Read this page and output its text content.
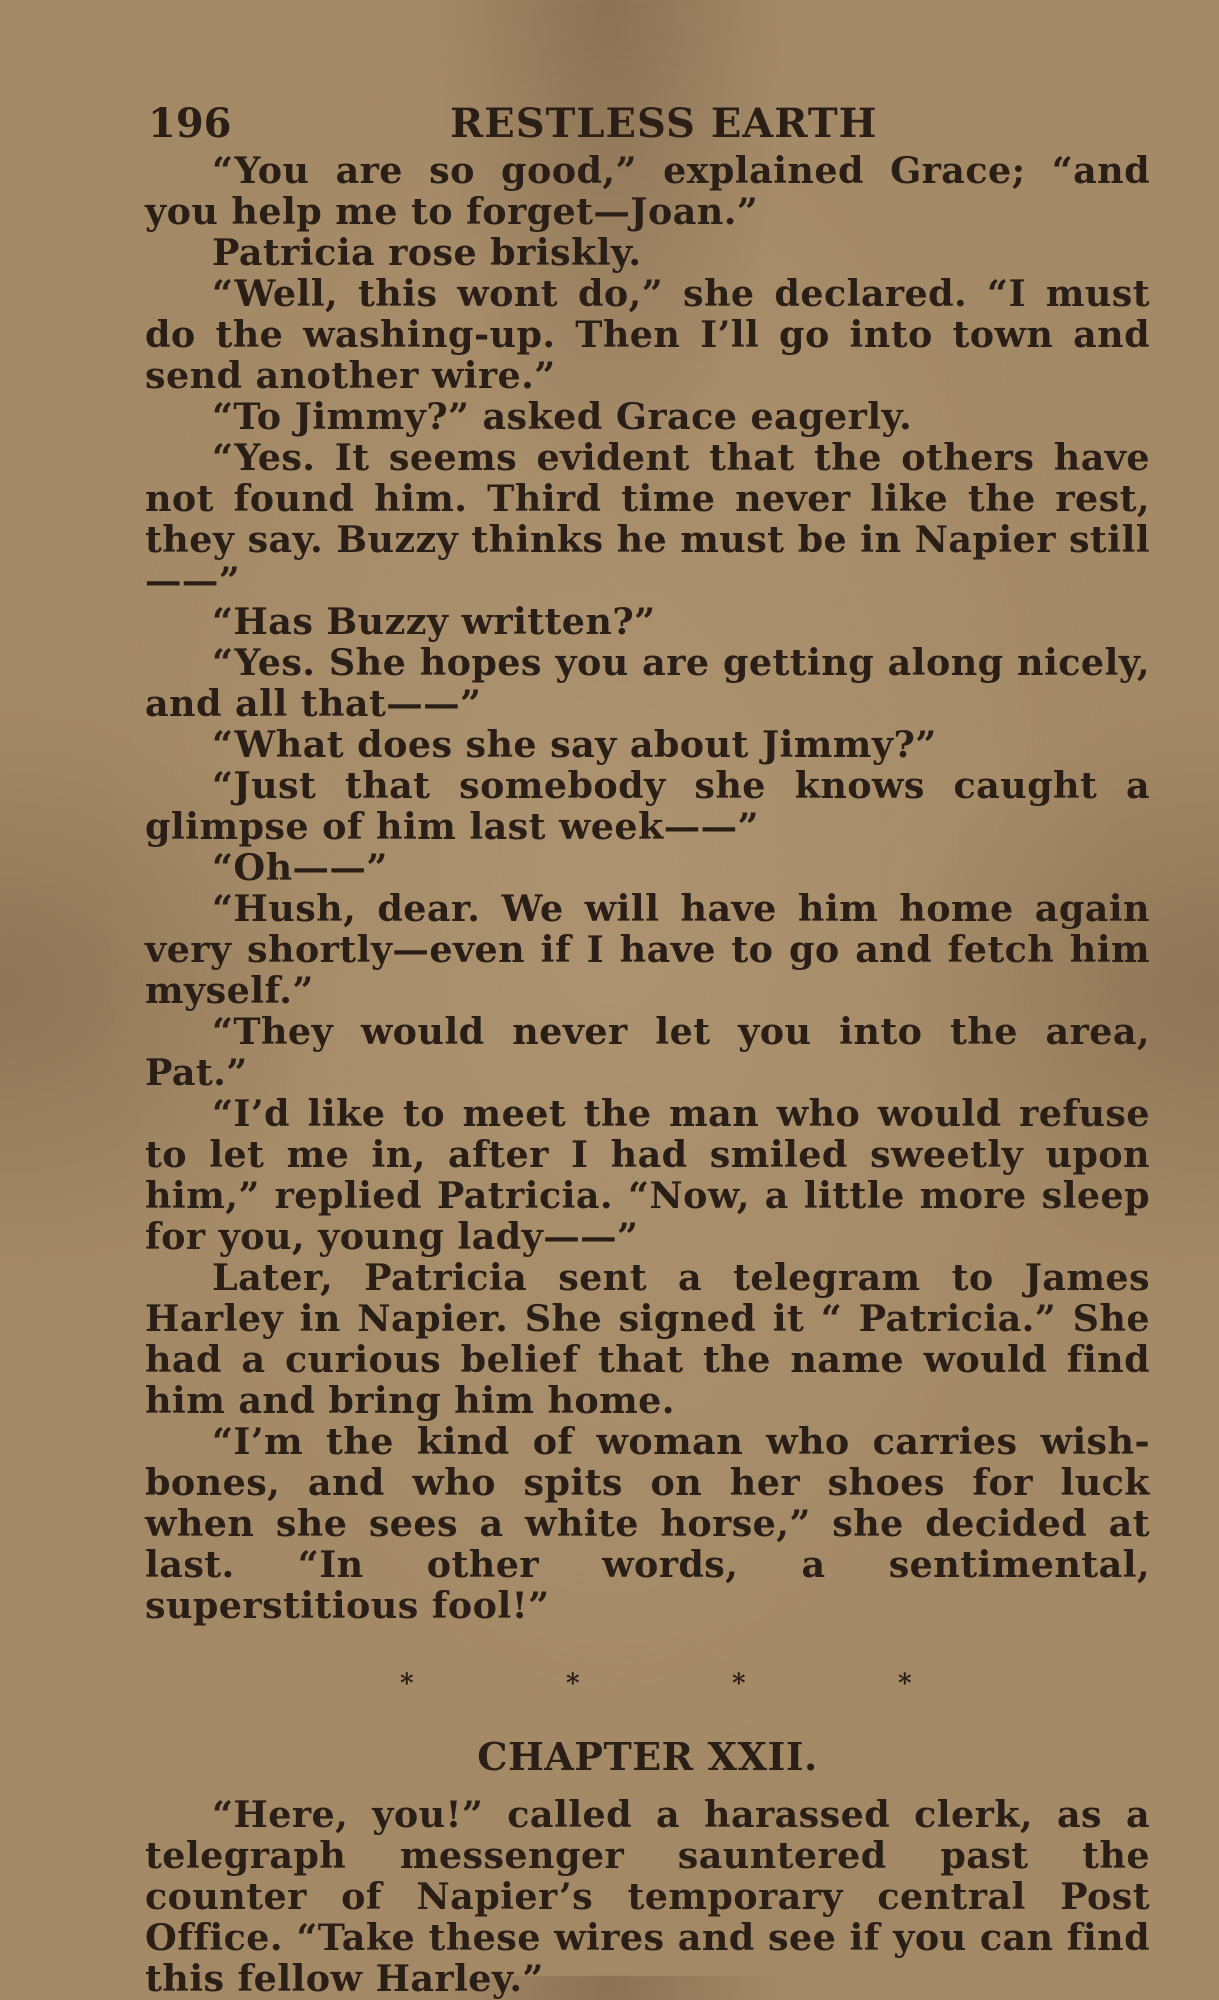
196	RESTLESS EARTH

“You are so good,” explained Grace; “and you help me to forget—Joan.”

Patricia rose briskly.

“Well, this wont do,” she declared. “I must do the washing-up. Then I’ll go into town and send another wire.”

“To Jimmy?” asked Grace eagerly.

“Yes. It seems evident that the others have not found him. Third time never like the rest, they say. Buzzy thinks he must be in Napier still——”

“Has Buzzy written?”

“Yes. She hopes you are getting along nicely, and all that——”

“What does she say about Jimmy?”

“Just that somebody she knows caught a glimpse of him last week——”

“Oh——”

“Hush, dear. We will have him home again very shortly—even if I have to go and fetch him myself.”

“They would never let you into the area, Pat.”

“I’d like to meet the man who would refuse to let me in, after I had smiled sweetly upon him,” replied Patricia. “Now, a little more sleep for you, young lady——”

Later, Patricia sent a telegram to James Harley in Napier. She signed it “ Patricia.” She had a curious belief that the name would find him and bring him home.

“I’m the kind of woman who carries wish-bones, and who spits on her shoes for luck when she sees a white horse,” she decided at last. “In other words, a sentimental, superstitious fool!”

*	*	*	*
CHAPTER XXII.

“Here, you!” called a harassed clerk, as a telegraph messenger sauntered past the counter of Napier’s temporary central Post Office. “Take these wires and see if you can find this fellow Harley.”
